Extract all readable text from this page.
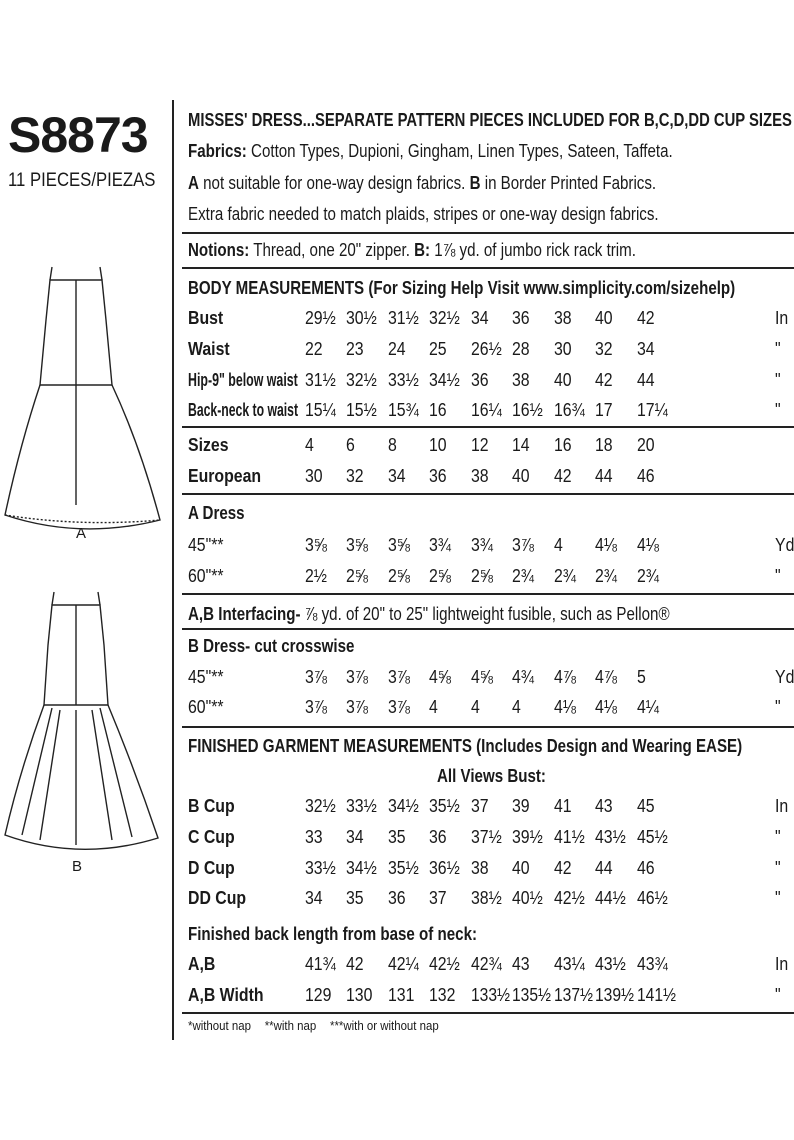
S8873
11 PIECES/PIEZAS
A
B
MISSES' DRESS...SEPARATE PATTERN PIECES INCLUDED FOR B,C,D,DD CUP SIZES
Fabrics: Cotton Types, Dupioni, Gingham, Linen Types, Sateen, Taffeta.
A not suitable for one-way design fabrics. B in Border Printed Fabrics.
Extra fabric needed to match plaids, stripes or one-way design fabrics.
Notions: Thread, one 20" zipper. B: 1⅞ yd. of jumbo rick rack trim.
BODY MEASUREMENTS (For Sizing Help Visit www.simplicity.com/sizehelp)
Bust	29½ 30½ 31½ 32½ 34 36 38 40 42	In
Waist	22 23 24 25 26½ 28 30 32 34	"
Hip-9" below waist 31½ 32½ 33½ 34½ 36 38 40 42 44	"
Back-neck to waist 15¼ 15½ 15¾ 16 16¼ 16½ 16¾ 17 17¼	"
Sizes	4 6 8 10 12 14 16 18 20
European 30 32 34 36 38 40 42 44 46
A Dress
45"**	3⅝ 3⅝ 3⅝ 3¾ 3¾ 3⅞ 4 4⅛ 4⅛	Yd
60"**	2½ 2⅝ 2⅝ 2⅝ 2⅝ 2¾ 2¾ 2¾ 2¾	"
A,B Interfacing- ⅞ yd. of 20" to 25" lightweight fusible, such as Pellon®
B Dress- cut crosswise
45"**	3⅞ 3⅞ 3⅞ 4⅝ 4⅝ 4¾ 4⅞ 4⅞ 5	Yd
60"**	3⅞ 3⅞ 3⅞ 4 4 4 4⅛ 4⅛ 4¼	"
FINISHED GARMENT MEASUREMENTS (Includes Design and Wearing EASE)
All Views Bust:
B Cup	32½ 33½ 34½ 35½ 37 39 41 43 45	In
C Cup	33 34 35 36 37½ 39½ 41½ 43½ 45½	"
D Cup	33½ 34½ 35½ 36½ 38 40 42 44 46	"
DD Cup	34 35 36 37 38½ 40½ 42½ 44½ 46½	"
Finished back length from base of neck:
A,B	41¾ 42 42¼ 42½ 42¾ 43 43¼ 43½ 43¾	In
A,B Width 129 130 131 132 133½ 135½ 137½ 139½ 141½	"
*without nap **with nap ***with or without nap
